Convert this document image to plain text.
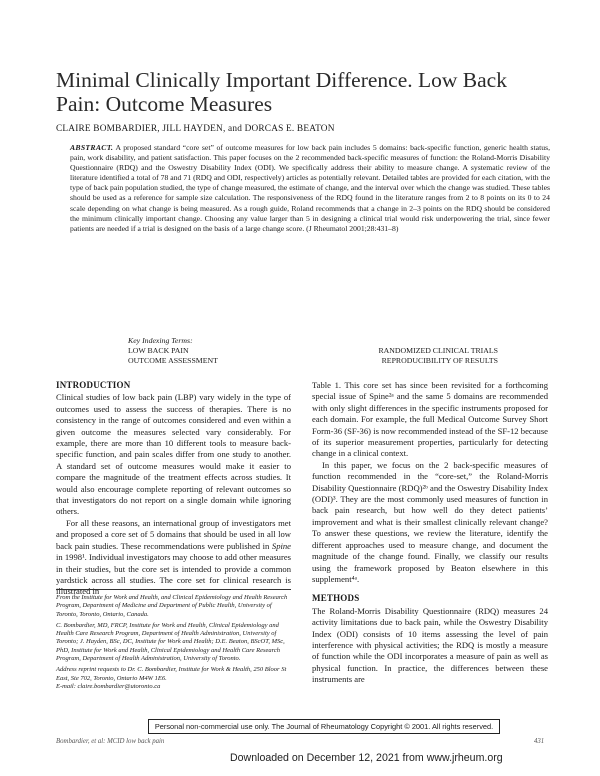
Minimal Clinically Important Difference. Low Back Pain: Outcome Measures
CLAIRE BOMBARDIER, JILL HAYDEN, and DORCAS E. BEATON
ABSTRACT. A proposed standard “core set” of outcome measures for low back pain includes 5 domains: back-specific function, generic health status, pain, work disability, and patient satisfaction. This paper focuses on the 2 recommended back-specific measures of function: the Roland-Morris Disability Questionnaire (RDQ) and the Oswestry Disability Index (ODI). We specifically address their ability to measure change. A systematic review of the literature identified a total of 78 and 71 (RDQ and ODI, respectively) articles as potentially relevant. Detailed tables are provided for each citation, with the type of back pain population studied, the type of change measured, the estimate of change, and the interval over which the change was studied. These tables should be used as a reference for sample size calculation. The responsiveness of the RDQ found in the literature ranges from 2 to 8 points on its 0 to 24 scale depending on what change is being measured. As a rough guide, Roland recommends that a change in 2–3 points on the RDQ should be considered the minimum clinically important change. Choosing any value larger than 5 in designing a clinical trial would risk underpowering the trial, since fewer patients are needed if a trial is designed on the basis of a large change score. (J Rheumatol 2001;28:431–8)
Key Indexing Terms:
LOW BACK PAIN
OUTCOME ASSESSMENT
RANDOMIZED CLINICAL TRIALS
REPRODUCIBILITY OF RESULTS
INTRODUCTION

Clinical studies of low back pain (LBP) vary widely in the type of outcomes used to assess the success of therapies. There is no consistency in the range of outcomes considered and even within a given outcome the measures selected vary considerably. For example, there are more than 10 different tools to measure back-specific function, and pain scales differ from one study to another. A standard set of outcome measures would make it easier to compare the magnitude of the treatment effects across studies. It would also encourage complete reporting of relevant outcomes so that investigators do not report on a single domain while ignoring others.

For all these reasons, an international group of investigators met and proposed a core set of 5 domains that should be used in all low back pain studies. These recommendations were published in Spine in 1998¹. Individual investigators may choose to add other measures in their studies, but the core set is intended to provide a common yardstick across all studies. The core set for clinical research is illustrated in

From the Institute for Work and Health, and Clinical Epidemiology and Health Research Program, Department of Medicine and Department of Public Health, University of Toronto, Toronto, Ontario, Canada.

C. Bombardier, MD, FRCP, Institute for Work and Health, Clinical Epidemiology and Health Care Research Program, Department of Health Administration, University of Toronto; J. Hayden, BSc, DC, Institute for Work and Health; D.E. Beaton, BScOT, MSc, PhD, Institute for Work and Health, Clinical Epidemiology and Health Care Research Program, Department of Health Administration, University of Toronto.

Address reprint requests to Dr. C. Bombardier, Institute for Work & Health, 250 Bloor St East, Ste 702, Toronto, Ontario M4W 1E6.

E-mail: claire.bombardier@utoronto.ca

Table 1. This core set has since been revisited for a forthcoming special issue of Spine²ᵃ and the same 5 domains are recommended with only slight differences in the specific instruments proposed for each domain. For example, the full Medical Outcome Survey Short Form-36 (SF-36) is now recommended instead of the SF-12 because of its superior measurement properties, particularly for detecting change in a clinical context.

In this paper, we focus on the 2 back-specific measures of function recommended in the “core-set,” the Roland-Morris Disability Questionnaire (RDQ)²ᵇ and the Oswestry Disability Index (ODI)³. They are the most commonly used measures of function in back pain research, but how well do they detect patients’ improvement and what is their smallest clinically relevant change? To answer these questions, we review the literature, identify the different approaches used to measure change, and document the magnitude of the change found. Finally, we classify our results using the framework proposed by Beaton elsewhere in this supplement⁴ᵃ.

METHODS

The Roland-Morris Disability Questionnaire (RDQ) measures 24 activity limitations due to back pain, while the Oswestry Disability Index (ODI) consists of 10 items assessing the level of pain interference with physical activities; the RDQ is mostly a measure of function while the ODI incorporates a measure of pain as well as physical function. In practice, the differences between these instruments are

Personal non-commercial use only. The Journal of Rheumatology Copyright © 2001. All rights reserved.
Bombardier, et al: MCID low back pain	431
Downloaded on December 12, 2021 from www.jrheum.org
